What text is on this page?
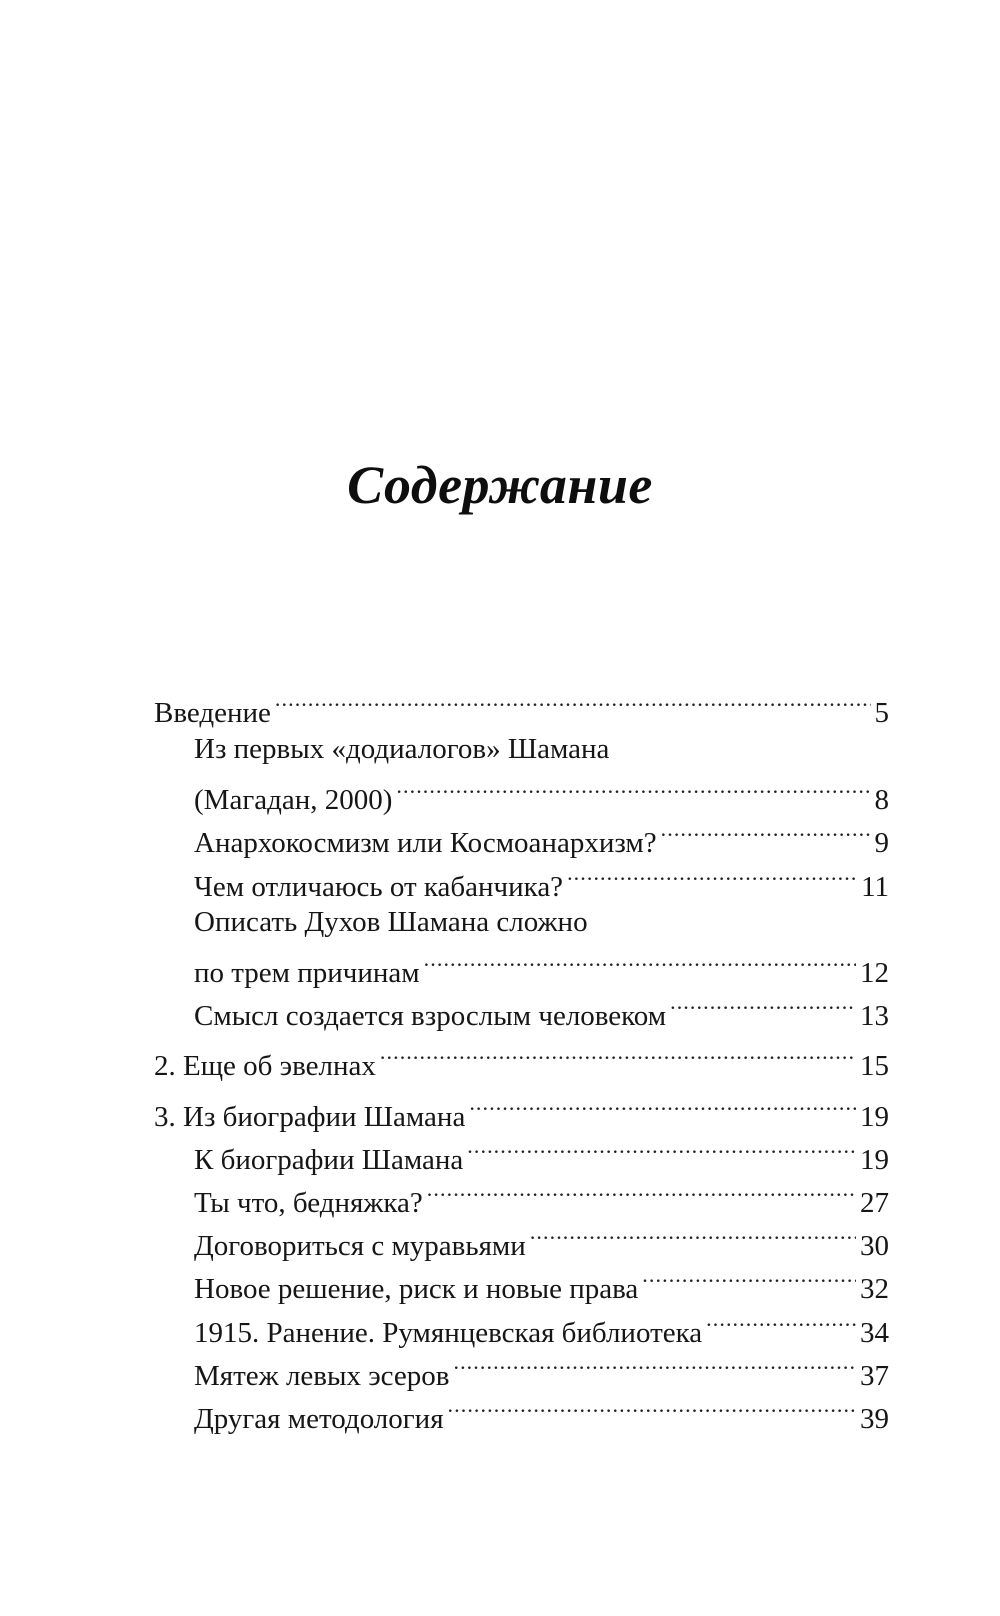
Содержание
Введение .....	5
Из первых «додиалогов» Шамана
(Магадан, 2000) .....	8
Анархокосмизм или Космоанархизм? .....	9
Чем отличаюсь от кабанчика? .....	11
Описать Духов Шамана сложно
по трем причинам .....	12
Смысл создается взрослым человеком .....	13
2. Еще об эвелнах .....	15
3. Из биографии Шамана .....	19
К биографии Шамана .....	19
Ты что, бедняжка? .....	27
Договориться с муравьями .....	30
Новое решение, риск и новые права .....	32
1915. Ранение. Румянцевская библиотека .....	34
Мятеж левых эсеров .....	37
Другая методология .....	39
